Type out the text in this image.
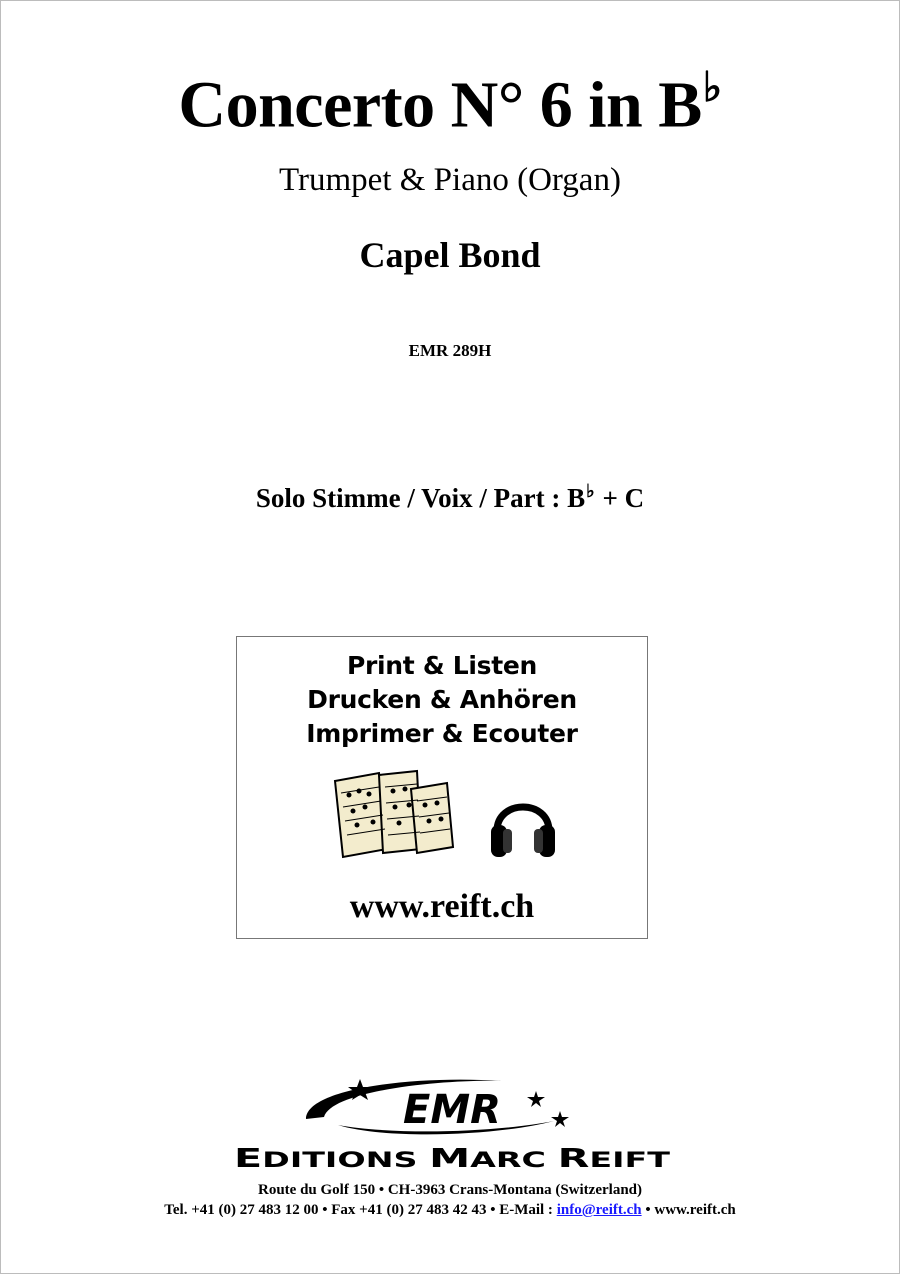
Concerto N° 6 in B♭
Trumpet & Piano (Organ)
Capel Bond
EMR 289H
Solo Stimme / Voix / Part : B♭ + C
Print & Listen
Drucken & Anhören
Imprimer & Ecouter
www.reift.ch
EMR
E DITIONS M ARC R EIFT
Route du Golf 150 • CH-3963 Crans-Montana (Switzerland)
Tel. +41 (0) 27 483 12 00 • Fax +41 (0) 27 483 42 43 • E-Mail : info@reift.ch • www.reift.ch
